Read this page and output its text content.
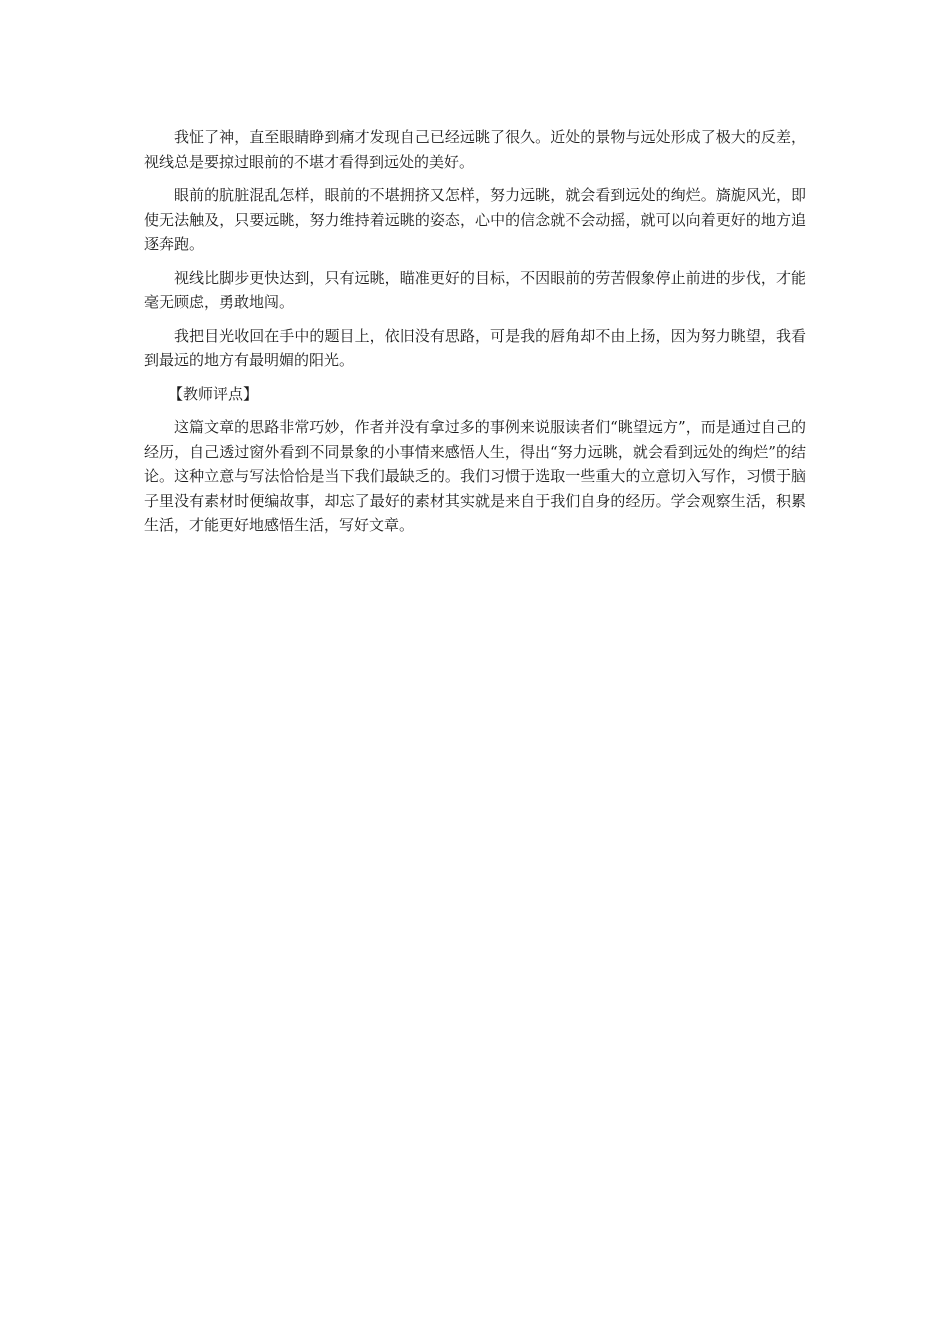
我怔了神，直至眼睛睁到痛才发现自己已经远眺了很久。近处的景物与远处形成了极大的反差，视线总是要掠过眼前的不堪才看得到远处的美好。

眼前的肮脏混乱怎样，眼前的不堪拥挤又怎样，努力远眺，就会看到远处的绚烂。旖旎风光，即使无法触及，只要远眺，努力维持着远眺的姿态，心中的信念就不会动摇，就可以向着更好的地方追逐奔跑。

视线比脚步更快达到，只有远眺，瞄准更好的目标，不因眼前的劳苦假象停止前进的步伐，才能毫无顾虑，勇敢地闯。

我把目光收回在手中的题目上，依旧没有思路，可是我的唇角却不由上扬，因为努力眺望，我看到最远的地方有最明媚的阳光。

【教师评点】

这篇文章的思路非常巧妙，作者并没有拿过多的事例来说服读者们“眺望远方”，而是通过自己的经历，自己透过窗外看到不同景象的小事情来感悟人生，得出“努力远眺，就会看到远处的绚烂”的结论。这种立意与写法恰恰是当下我们最缺乏的。我们习惯于选取一些重大的立意切入写作，习惯于脑子里没有素材时便编故事，却忘了最好的素材其实就是来自于我们自身的经历。学会观察生活，积累生活，才能更好地感悟生活，写好文章。
